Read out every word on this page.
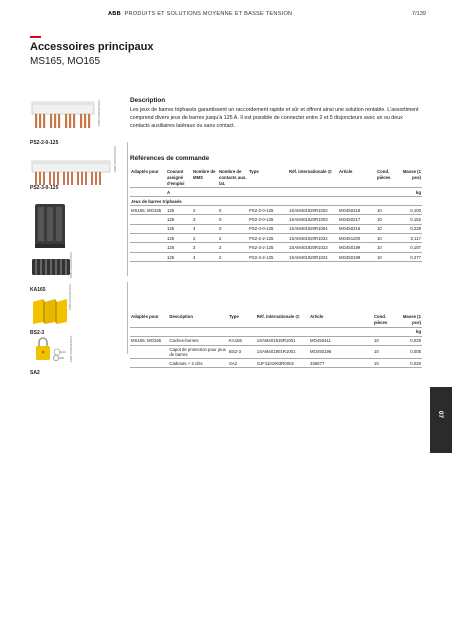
ABB PRODUITS ET SOLUTIONS MOYENNE ET BASSE TENSION	7/139
Accessoires principaux
MS165, MO165
1SBC100192F0014
PS2-2-0-125
1SBC100193F0014
PS2-3-0-125
1SBC100194F0014
KA165	1SBC100195F0014
BS2-3
1SBC100196F0014
SA2
Description
Les jeux de barres triphasés garantissent un raccordement rapide et sûr et offrent ainsi une solution rentable. L'assortiment comprend divers jeux de barres jusqu'à 125 A. Il est possible de connecter entre 2 et 5 disjoncteurs avec un ou deux contacts auxiliaires latéraux ou sans contact.
Références de commande
Adaptés pour	Courant assigné d'emploi	Nombre de MMS	Nombre de contacts aux. lat.	Type	Réf. internationale @	Article	Cond. pièces	Masse (1 pce)
	A							kg
Jeux de barres triphasés								
MS165, MO165	125	2	0	PS2-2-0-125	1SAM401920R1002	MO450218	10	0,100
	125	3	0	PS2-3-0-125	1SAM401920R1003	MO450217	10	0,152
	125	4	0	PS2-4-0-125	1SAM401920R1004	MO450216	10	0,228
	125	2	2	PS2-2-2-125	1SAM401920R1022	MO451200	10	0,117
	125	3	2	PS2-3-2-125	1SAM401920R1023	MO450199	10	0,197
	125	4	2	PS2-4-2-125	1SAM401920R1024	MO450198	10	0,277
Adaptés pour	Description	Type	Réf. internationale @	Article		Cond. pièces	Masse (1 pce)
							kg
MS165, MO165	Caches-bornes	KA165	1SAM401915R1001	MO450411		10	0,025
	Capot de protection pour jeux de barres	BS2-3	1SAM401901R1001	MO450196		10	0,005
	Cadenas + 2 clés	SA2	GJF1101903R0002	335877		10	0,020
07
